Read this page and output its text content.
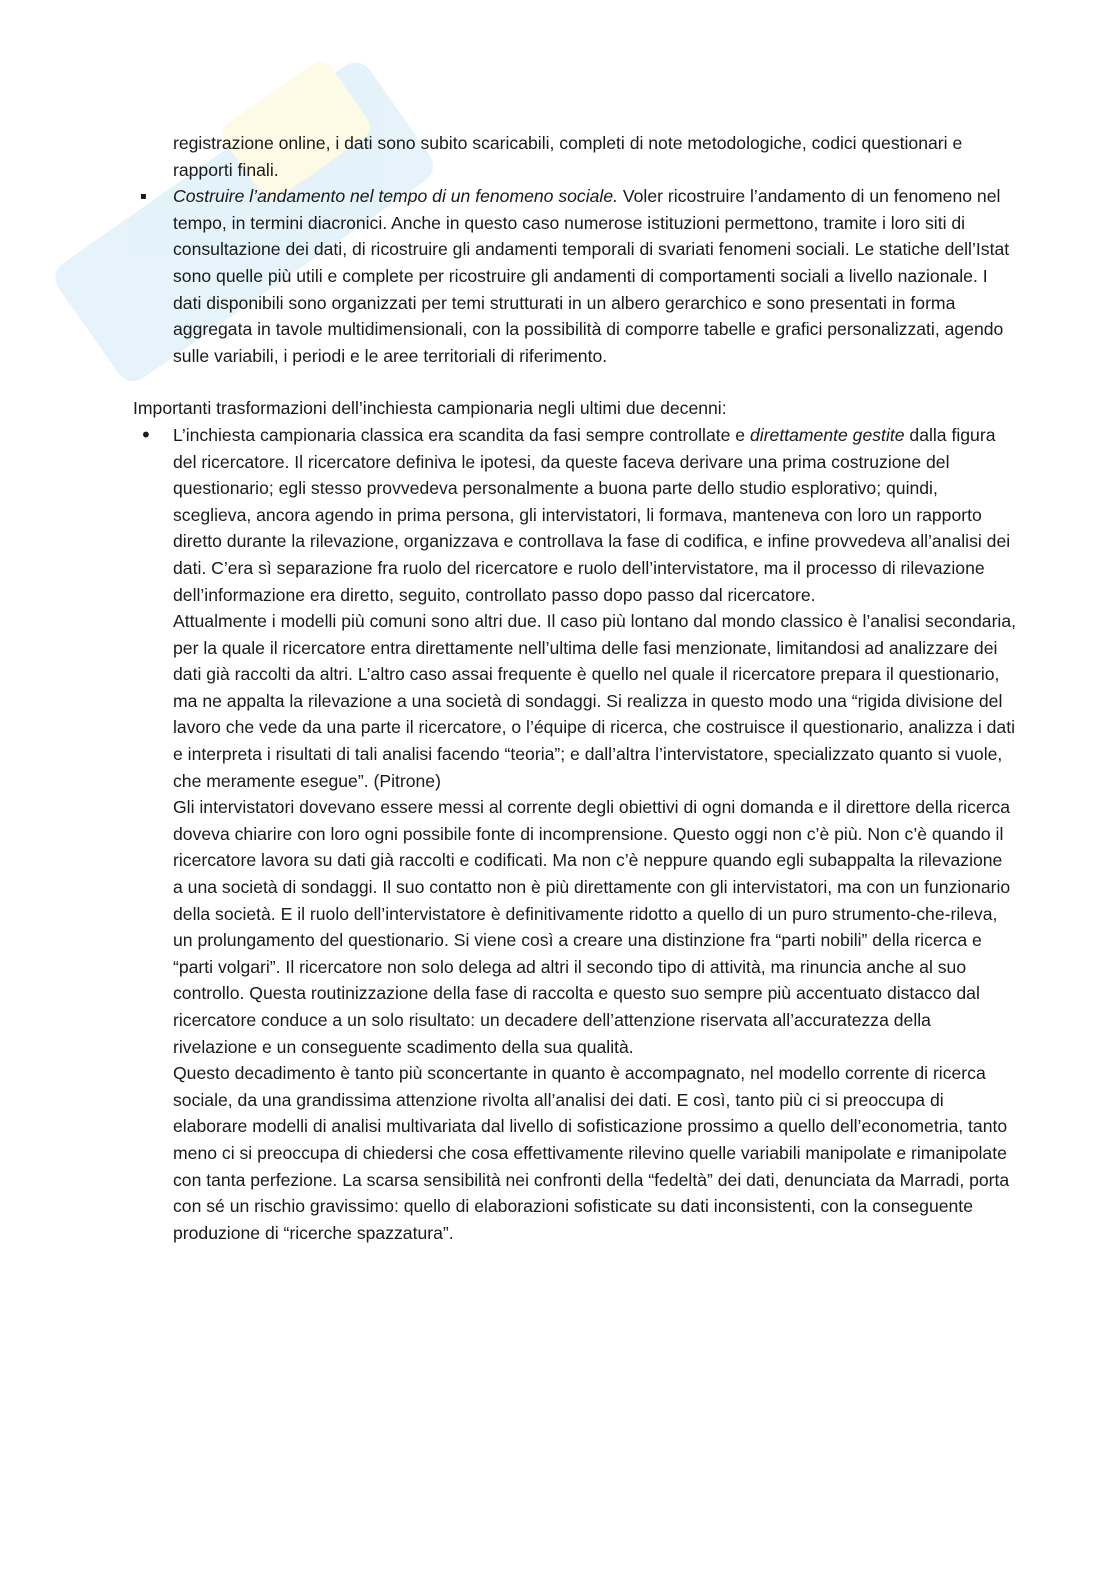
registrazione online, i dati sono subito scaricabili, completi di note metodologiche, codici questionari e rapporti finali.

▪	Costruire l’andamento nel tempo di un fenomeno sociale. Voler ricostruire l’andamento di un fenomeno nel tempo, in termini diacronici. Anche in questo caso numerose istituzioni permettono, tramite i loro siti di consultazione dei dati, di ricostruire gli andamenti temporali di svariati fenomeni sociali. Le statiche dell’Istat sono quelle più utili e complete per ricostruire gli andamenti di comportamenti sociali a livello nazionale. I dati disponibili sono organizzati per temi strutturati in un albero gerarchico e sono presentati in forma aggregata in tavole multidimensionali, con la possibilità di comporre tabelle e grafici personalizzati, agendo sulle variabili, i periodi e le aree territoriali di riferimento.

Importanti trasformazioni dell’inchiesta campionaria negli ultimi due decenni:

•	L’inchiesta campionaria classica era scandita da fasi sempre controllate e direttamente gestite dalla figura del ricercatore. Il ricercatore definiva le ipotesi, da queste faceva derivare una prima costruzione del questionario; egli stesso provvedeva personalmente a buona parte dello studio esplorativo; quindi, sceglieva, ancora agendo in prima persona, gli intervistatori, li formava, manteneva con loro un rapporto diretto durante la rilevazione, organizzava e controllava la fase di codifica, e infine provvedeva all’analisi dei dati. C’era sì separazione fra ruolo del ricercatore e ruolo dell’intervistatore, ma il processo di rilevazione dell’informazione era diretto, seguito, controllato passo dopo passo dal ricercatore.

Attualmente i modelli più comuni sono altri due. Il caso più lontano dal mondo classico è l’analisi secondaria, per la quale il ricercatore entra direttamente nell’ultima delle fasi menzionate, limitandosi ad analizzare dei dati già raccolti da altri. L’altro caso assai frequente è quello nel quale il ricercatore prepara il questionario, ma ne appalta la rilevazione a una società di sondaggi. Si realizza in questo modo una “rigida divisione del lavoro che vede da una parte il ricercatore, o l’équipe di ricerca, che costruisce il questionario, analizza i dati e interpreta i risultati di tali analisi facendo “teoria”; e dall’altra l’intervistatore, specializzato quanto si vuole, che meramente esegue”. (Pitrone)

Gli intervistatori dovevano essere messi al corrente degli obiettivi di ogni domanda e il direttore della ricerca doveva chiarire con loro ogni possibile fonte di incomprensione. Questo oggi non c’è più. Non c’è quando il ricercatore lavora su dati già raccolti e codificati. Ma non c’è neppure quando egli subappalta la rilevazione a una società di sondaggi. Il suo contatto non è più direttamente con gli intervistatori, ma con un funzionario della società. E il ruolo dell’intervistatore è definitivamente ridotto a quello di un puro strumento-che-rileva, un prolungamento del questionario. Si viene così a creare una distinzione fra “parti nobili” della ricerca e “parti volgari”. Il ricercatore non solo delega ad altri il secondo tipo di attività, ma rinuncia anche al suo controllo. Questa routinizzazione della fase di raccolta e questo suo sempre più accentuato distacco dal ricercatore conduce a un solo risultato: un decadere dell’attenzione riservata all’accuratezza della rivelazione e un conseguente scadimento della sua qualità.

Questo decadimento è tanto più sconcertante in quanto è accompagnato, nel modello corrente di ricerca sociale, da una grandissima attenzione rivolta all’analisi dei dati. E così, tanto più ci si preoccupa di elaborare modelli di analisi multivariata dal livello di sofisticazione prossimo a quello dell’econometria, tanto meno ci si preoccupa di chiedersi che cosa effettivamente rilevino quelle variabili manipolate e rimanipolate con tanta perfezione. La scarsa sensibilità nei confronti della “fedeltà” dei dati, denunciata da Marradi, porta con sé un rischio gravissimo: quello di elaborazioni sofisticate su dati inconsistenti, con la conseguente produzione di “ricerche spazzatura”.
